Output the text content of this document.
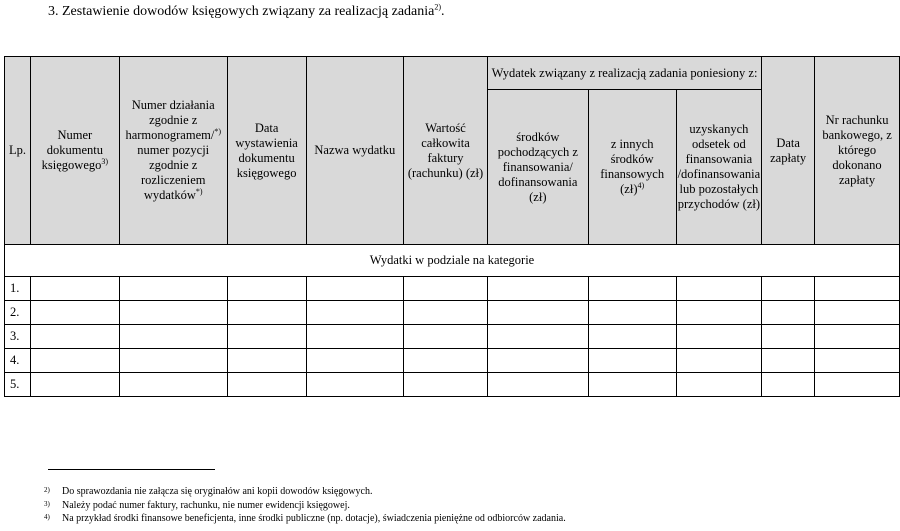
3. Zestawienie dowodów księgowych związany za realizacją zadania$^{2)}$.
Lp.	Numer dokumentu księgowego$^{3)}$	Numer działania zgodnie z harmonogramem/*) numer pozycji zgodnie z rozliczeniem wydatków*)	Data wystawienia dokumentu księgowego	Nazwa wydatku	Wartość całkowita faktury (rachunku) (zł)	Wydatek związany z realizacją zadania poniesiony z:			Data zapłaty	Nr rachunku bankowego, z którego dokonano zapłaty
						środków pochodzących z finansowania/ dofinansowania (zł)	z innych środków finansowych (zł)$^{4)}$	uzyskanych odsetek od finansowania /dofinansowania lub pozostałych przychodów (zł)		
Wydatki w podziale na kategorie										
1.										
2.										
3.										
4.										
5.										
2) Do sprawozdania nie załącza się oryginałów ani kopii dowodów księgowych.
3) Należy podać numer faktury, rachunku, nie numer ewidencji księgowej.
4) Na przykład środki finansowe beneficjenta, inne środki publiczne (np. dotacje), świadczenia pieniężne od odbiorców zadania.
